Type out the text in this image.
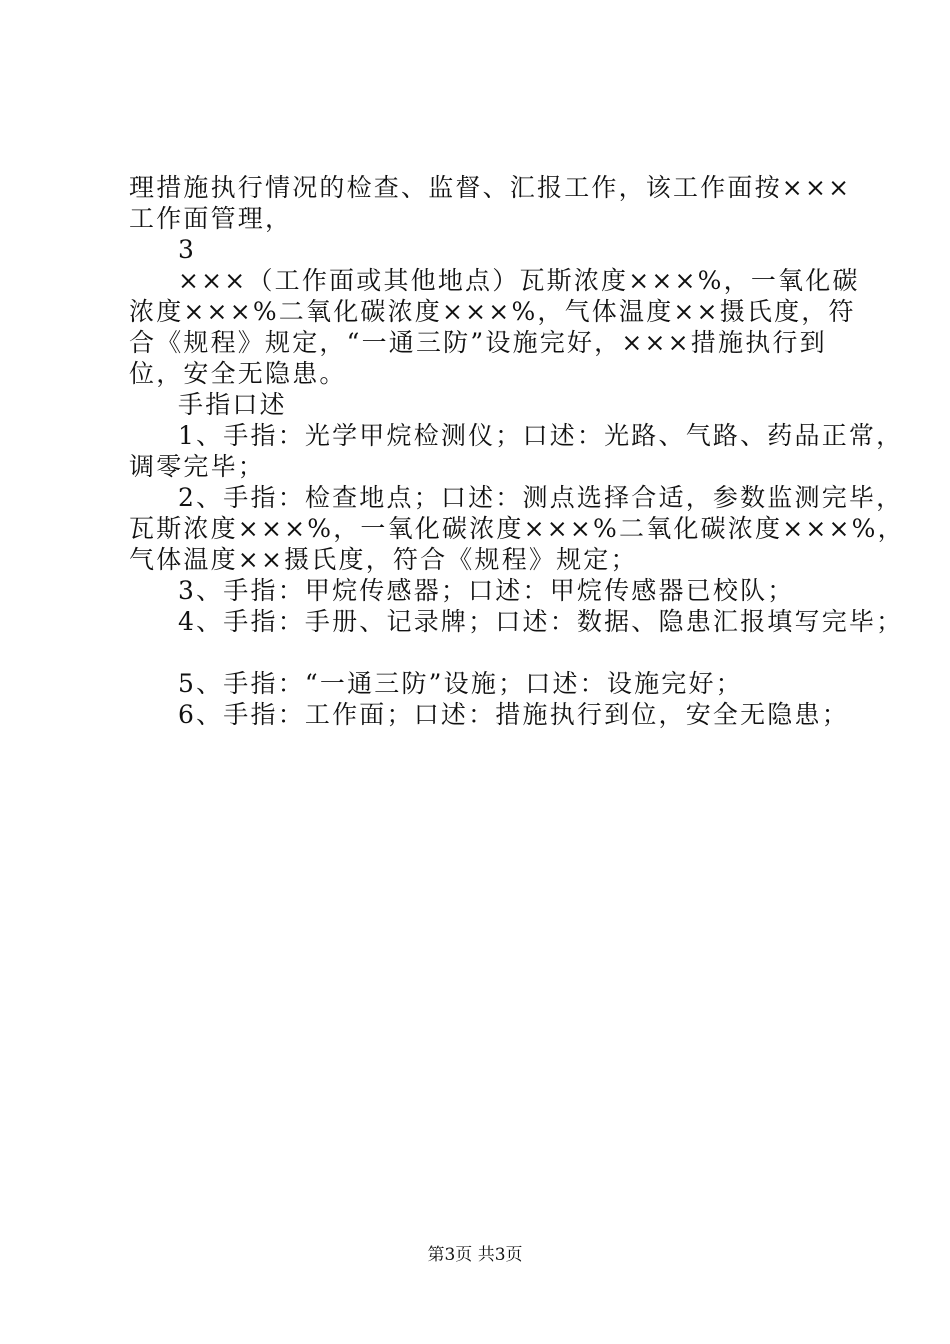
理措施执行情况的检查、监督、汇报工作，该工作面按×××
工作面管理，
3
×××（工作面或其他地点）瓦斯浓度×××%，一氧化碳
浓度×××%二氧化碳浓度×××%，气体温度××摄氏度，符
合《规程》规定，“一通三防”设施完好，×××措施执行到
位，安全无隐患。
手指口述
1、手指：光学甲烷检测仪；口述：光路、气路、药品正常，
调零完毕；
2、手指：检查地点；口述：测点选择合适，参数监测完毕，
瓦斯浓度×××%，一氧化碳浓度×××%二氧化碳浓度×××%，
气体温度××摄氏度，符合《规程》规定；
3、手指：甲烷传感器；口述：甲烷传感器已校队；
4、手指：手册、记录牌；口述：数据、隐患汇报填写完毕；
5、手指：“一通三防”设施；口述：设施完好；
6、手指：工作面；口述：措施执行到位，安全无隐患；
第3页 共3页
